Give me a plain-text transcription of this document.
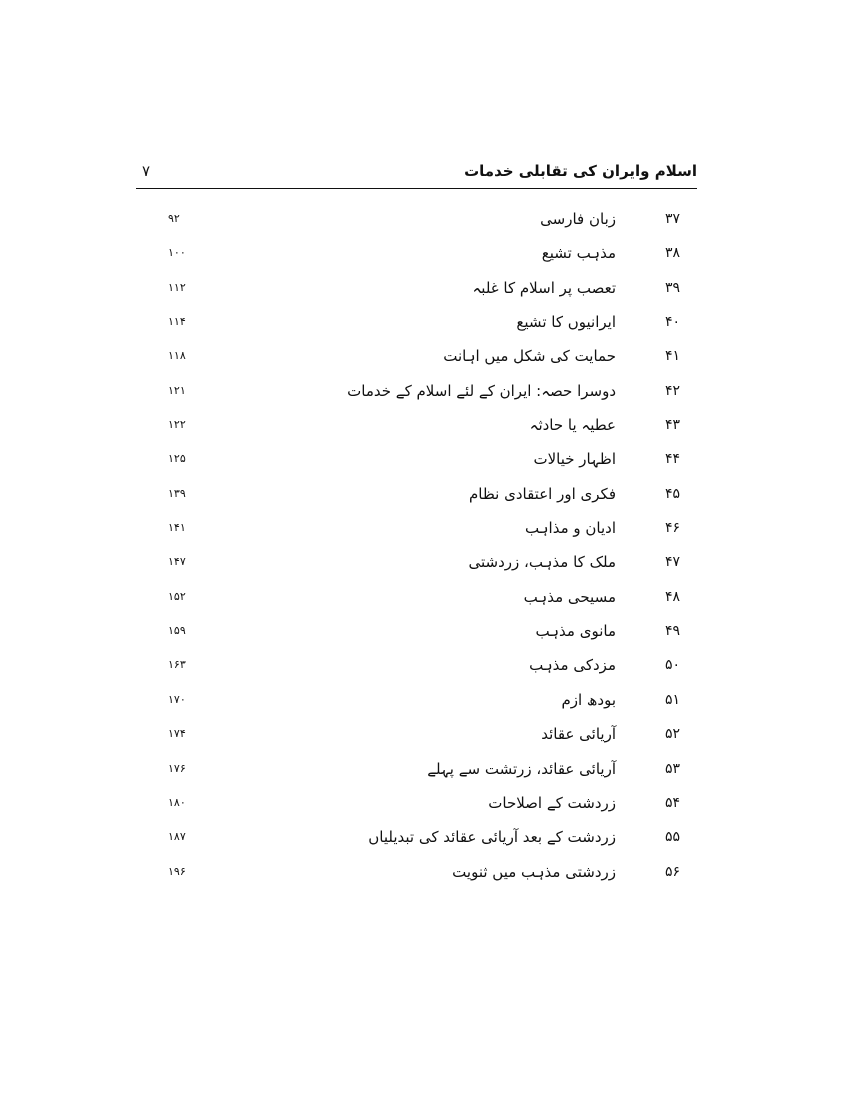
اسلام وایران کی تقابلی خدمات
۷
۳۷
زبان فارسی
۹۲
۳۸
مذہب تشیع
۱۰۰
۳۹
تعصب پر اسلام کا غلبہ
۱۱۲
۴۰
ایرانیوں کا تشیع
۱۱۴
۴۱
حمایت کی شکل میں اہانت
۱۱۸
۴۲
دوسرا حصہ: ایران کے لئے اسلام کے خدمات
۱۲۱
۴۳
عطیہ یا حادثہ
۱۲۲
۴۴
اظہار خیالات
۱۲۵
۴۵
فکری اور اعتقادی نظام
۱۳۹
۴۶
ادیان و مذاہب
۱۴۱
۴۷
ملک کا مذہب، زردشتی
۱۴۷
۴۸
مسیحی مذہب
۱۵۲
۴۹
مانوی مذہب
۱۵۹
۵۰
مزدکی مذہب
۱۶۳
۵۱
بودھ ازم
۱۷۰
۵۲
آریائی عقائد
۱۷۴
۵۳
آریائی عقائد، زرتشت سے پہلے
۱۷۶
۵۴
زردشت کے اصلاحات
۱۸۰
۵۵
زردشت کے بعد آریائی عقائد کی تبدیلیاں
۱۸۷
۵۶
زردشتی مذہب میں ثنویت
۱۹۶
